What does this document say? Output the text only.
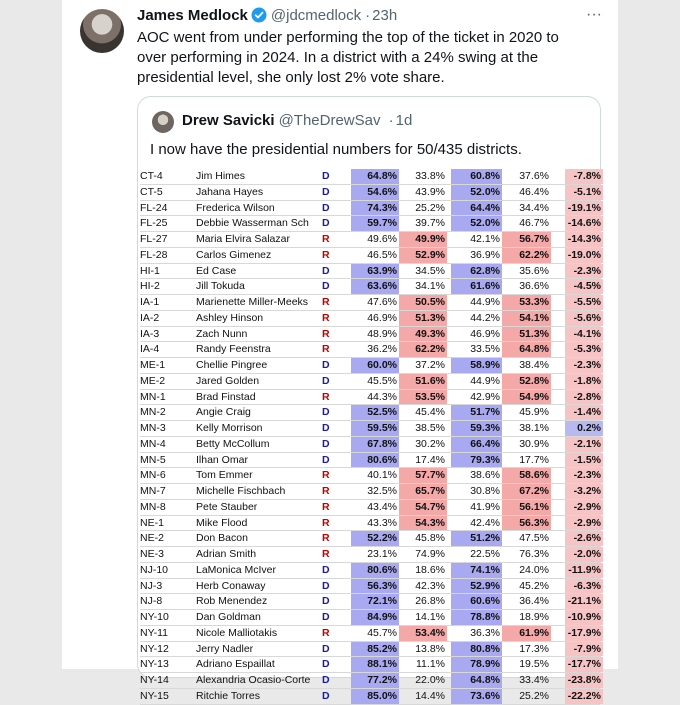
James Medlock @jdcmedlock · 23h	···
AOC went from under performing the top of the ticket in 2020 to over performing in 2024. In a district with a 24% swing at the presidential level, she only lost 2% vote share.
Drew Savicki @TheDrewSav · 1d
I now have the presidential numbers for 50/435 districts.
CT-4	Jim Himes	D	64.8%	33.8%	60.8%	37.6%	-7.8%
CT-5	Jahana Hayes	D	54.6%	43.9%	52.0%	46.4%	-5.1%
FL-24	Frederica Wilson	D	74.3%	25.2%	64.4%	34.4% -19.1%
FL-25	Debbie Wasserman Sch	D	59.7%	39.7%	52.0%	46.7% -14.6%
FL-27	Maria Elvira Salazar	R	49.6%	49.9%	42.1%	56.7% -14.3%
FL-28	Carlos Gimenez	R	46.5%	52.9%	36.9%	62.2% -19.0%
HI-1	Ed Case	D	63.9%	34.5%	62.8%	35.6%	-2.3%
HI-2	Jill Tokuda	D	63.6%	34.1%	61.6%	36.6%	-4.5%
IA-1	Marienette Miller-Meeks	R	47.6%	50.5%	44.9%	53.3%	-5.5%
IA-2	Ashley Hinson	R	46.9%	51.3%	44.2%	54.1%	-5.6%
IA-3	Zach Nunn	R	48.9%	49.3%	46.9%	51.3%	-4.1%
IA-4	Randy Feenstra	R	36.2%	62.2%	33.5%	64.8%	-5.3%
ME-1	Chellie Pingree	D	60.0%	37.2%	58.9%	38.4%	-2.3%
ME-2	Jared Golden	D	45.5%	51.6%	44.9%	52.8%	-1.8%
MN-1	Brad Finstad	R	44.3%	53.5%	42.9%	54.9%	-2.8%
MN-2	Angie Craig	D	52.5%	45.4%	51.7%	45.9%	-1.4%
MN-3	Kelly Morrison	D	59.5%	38.5%	59.3%	38.1%	0.2%
MN-4	Betty McCollum	D	67.8%	30.2%	66.4%	30.9%	-2.1%
MN-5	Ilhan Omar	D	80.6%	17.4%	79.3%	17.7%	-1.5%
MN-6	Tom Emmer	R	40.1%	57.7%	38.6%	58.6%	-2.3%
MN-7	Michelle Fischbach	R	32.5%	65.7%	30.8%	67.2%	-3.2%
MN-8	Pete Stauber	R	43.4%	54.7%	41.9%	56.1%	-2.9%
NE-1	Mike Flood	R	43.3%	54.3%	42.4%	56.3%	-2.9%
NE-2	Don Bacon	R	52.2%	45.8%	51.2%	47.5%	-2.6%
NE-3	Adrian Smith	R	23.1%	74.9%	22.5%	76.3%	-2.0%
NJ-10	LaMonica McIver	D	80.6%	18.6%	74.1%	24.0%	-11.9%
NJ-3	Herb Conaway	D	56.3%	42.3%	52.9%	45.2%	-6.3%
NJ-8	Rob Menendez	D	72.1%	26.8%	60.6%	36.4% -21.1%
NY-10	Dan Goldman	D	84.9%	14.1%	78.8%	18.9% -10.9%
NY-11	Nicole Malliotakis	R	45.7%	53.4%	36.3%	61.9% -17.9%
NY-12	Jerry Nadler	D	85.2%	13.8%	80.8%	17.3%	-7.9%
NY-13	Adriano Espaillat	D	88.1%	11.1%	78.9%	19.5% -17.7%
NY-14	Alexandria Ocasio-Corte	D	77.2%	22.0%	64.8%	33.4% -23.8%
NY-15	Ritchie Torres	D	85.0%	14.4%	73.6%	25.2% -22.2%
